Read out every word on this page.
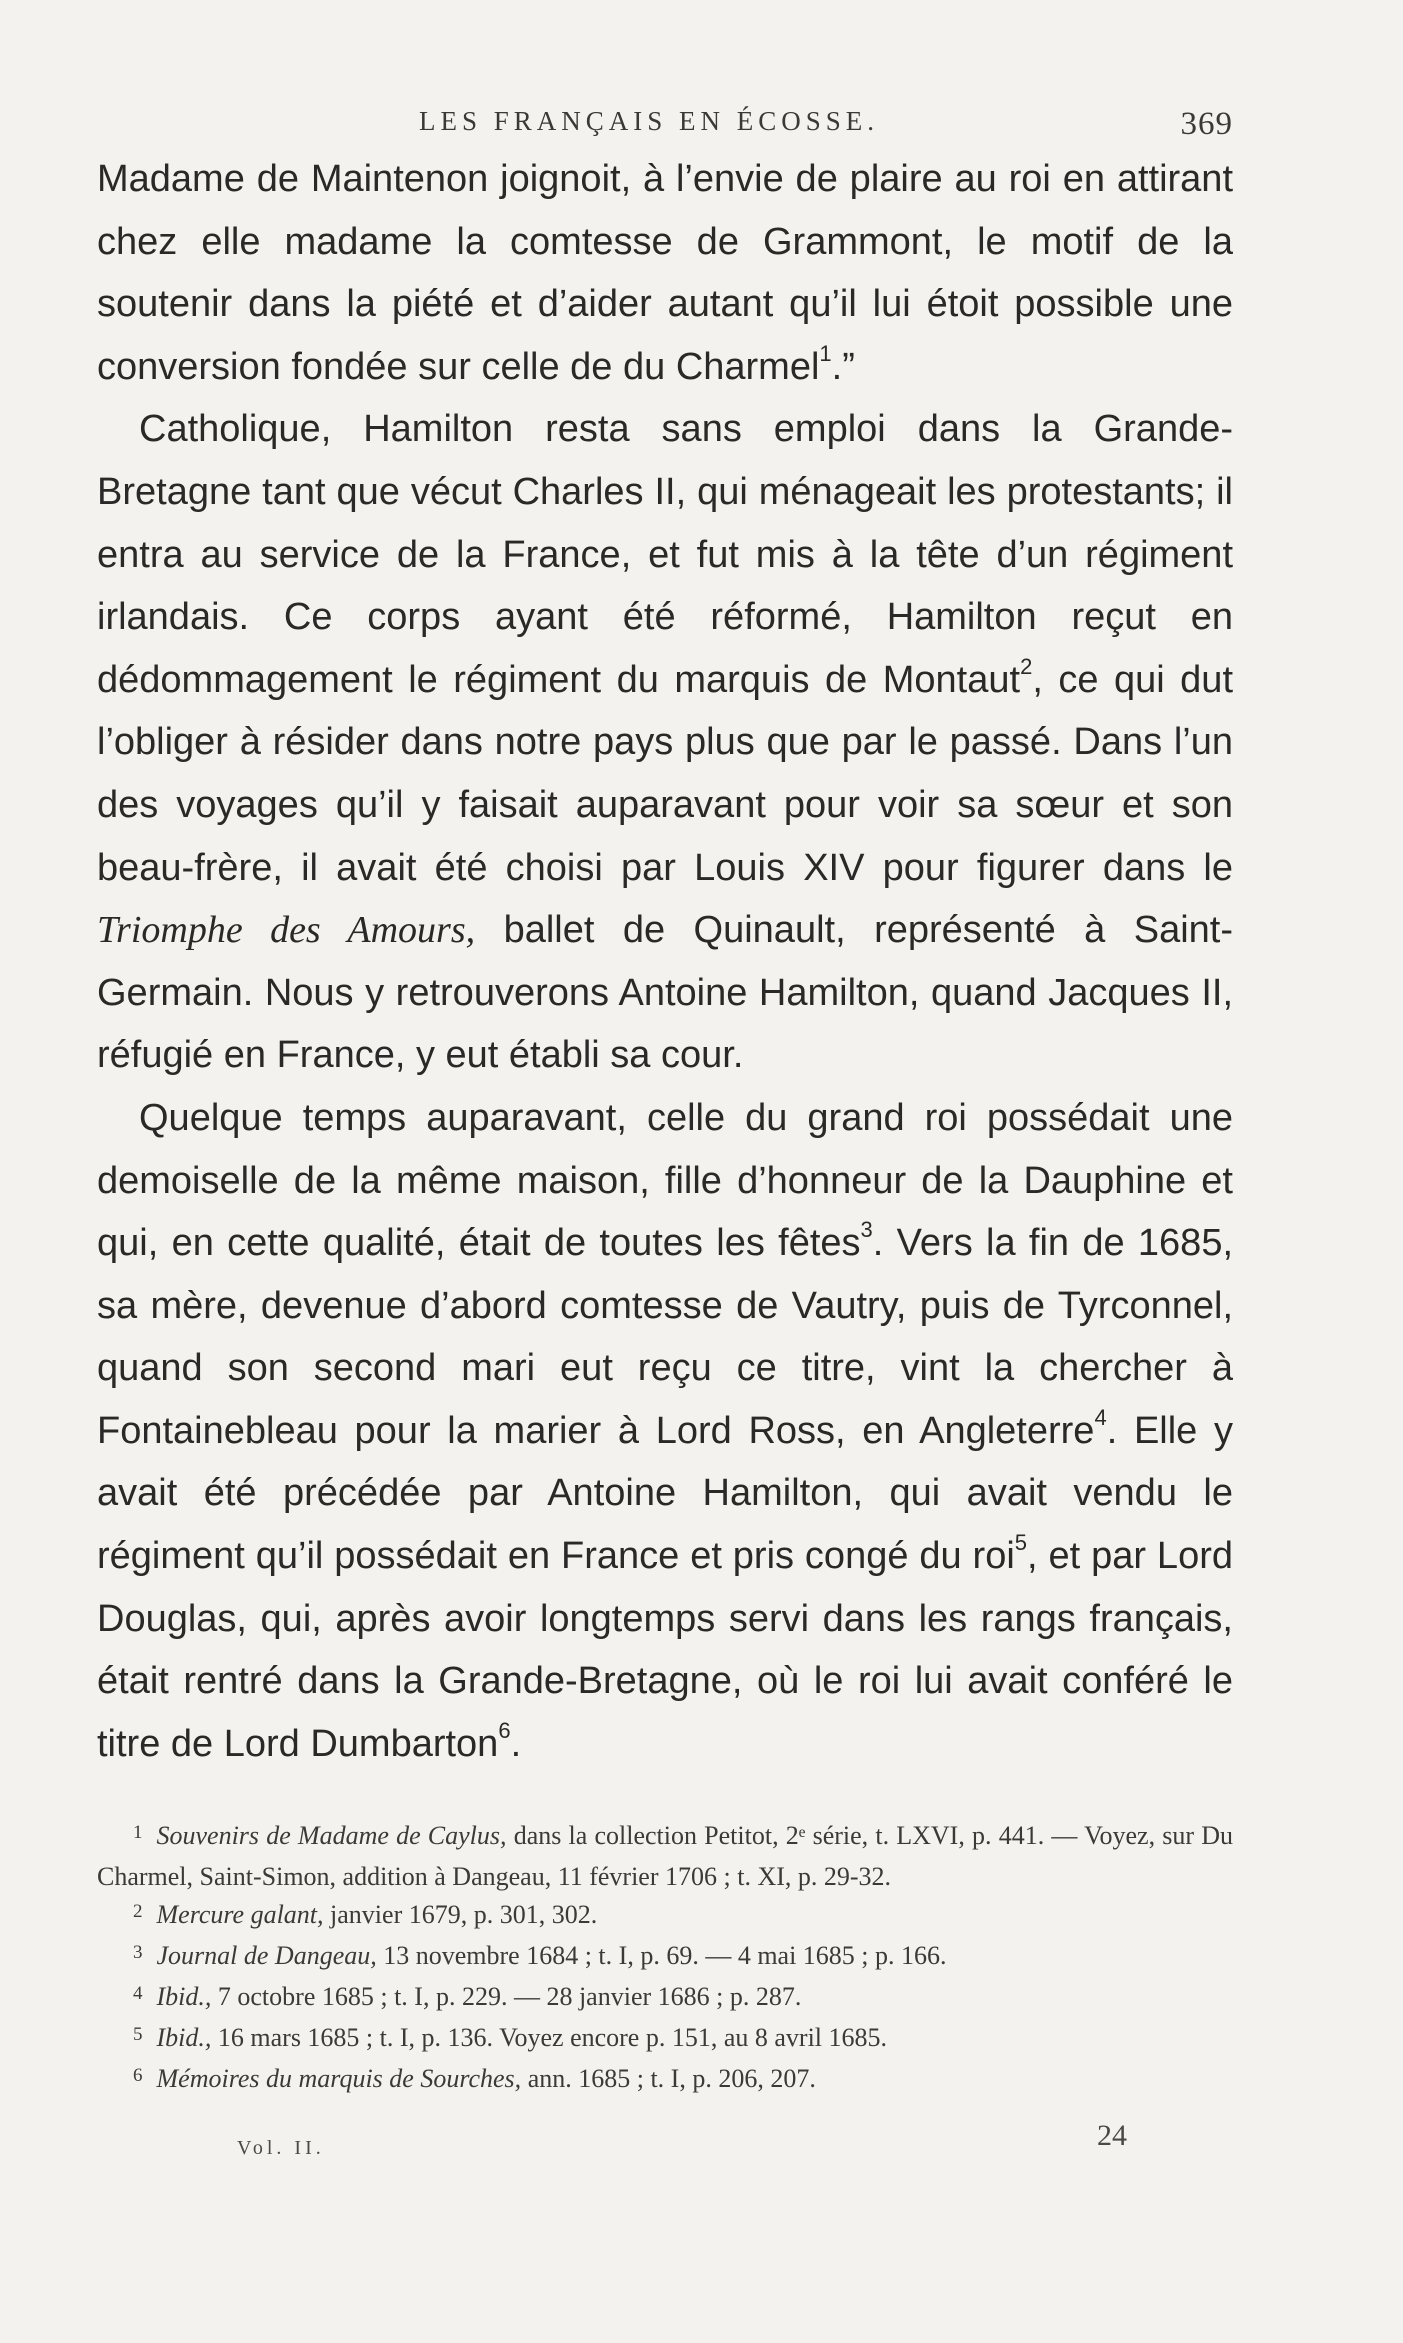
LES FRANÇAIS EN ÉCOSSE.	369

Madame de Maintenon joignoit, à l’envie de plaire au roi en attirant chez elle madame la comtesse de Grammont, le motif de la soutenir dans la piété et d’aider autant qu’il lui étoit possible une conversion fondée sur celle de du Charmel$^1$.”

Catholique, Hamilton resta sans emploi dans la Grande-Bretagne tant que vécut Charles II, qui ménageait les protestants; il entra au service de la France, et fut mis à la tête d’un régiment irlandais. Ce corps ayant été réformé, Hamilton reçut en dédommagement le régiment du marquis de Montaut$^2$, ce qui dut l’obliger à résider dans notre pays plus que par le passé. Dans l’un des voyages qu’il y faisait auparavant pour voir sa sœur et son beau-frère, il avait été choisi par Louis XIV pour figurer dans le Triomphe des Amours, ballet de Quinault, représenté à Saint-Germain. Nous y retrouverons Antoine Hamilton, quand Jacques II, réfugié en France, y eut établi sa cour.

Quelque temps auparavant, celle du grand roi possédait une demoiselle de la même maison, fille d’honneur de la Dauphine et qui, en cette qualité, était de toutes les fêtes$^3$. Vers la fin de 1685, sa mère, devenue d’abord comtesse de Vautry, puis de Tyrconnel, quand son second mari eut reçu ce titre, vint la chercher à Fontainebleau pour la marier à Lord Ross, en Angleterre$^4$. Elle y avait été précédée par Antoine Hamilton, qui avait vendu le régiment qu’il possédait en France et pris congé du roi$^5$, et par Lord Douglas, qui, après avoir longtemps servi dans les rangs français, était rentré dans la Grande-Bretagne, où le roi lui avait conféré le titre de Lord Dumbarton$^6$.

$^1$ Souvenirs de Madame de Caylus, dans la collection Petitot, 2ᵉ série, t. LXVI, p. 441. — Voyez, sur Du Charmel, Saint-Simon, addition à Dangeau, 11 février 1706 ; t. XI, p. 29-32.

$^2$ Mercure galant, janvier 1679, p. 301, 302.

$^3$ Journal de Dangeau, 13 novembre 1684 ; t. I, p. 69. — 4 mai 1685 ; p. 166.

$^4$ Ibid., 7 octobre 1685 ; t. I, p. 229. — 28 janvier 1686 ; p. 287.

$^5$ Ibid., 16 mars 1685 ; t. I, p. 136. Voyez encore p. 151, au 8 avril 1685.

$^6$ Mémoires du marquis de Sourches, ann. 1685 ; t. I, p. 206, 207.

Vol. II.	24
